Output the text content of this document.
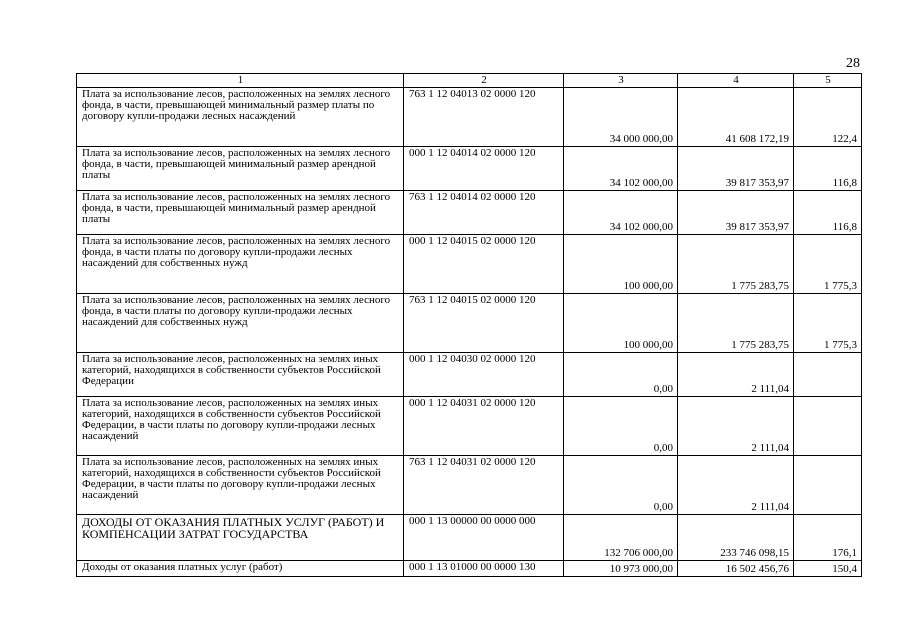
28
1	2	3	4	5
Плата за использование лесов, расположенных на землях лесного фонда, в части, превышающей минимальный размер платы по договору купли-продажи лесных насаждений	763 1 12 04013 02 0000 120	34 000 000,00	41 608 172,19	122,4
Плата за использование лесов, расположенных на землях лесного фонда, в части, превышающей минимальный размер арендной платы	000 1 12 04014 02 0000 120	34 102 000,00	39 817 353,97	116,8
Плата за использование лесов, расположенных на землях лесного фонда, в части, превышающей минимальный размер арендной платы	763 1 12 04014 02 0000 120	34 102 000,00	39 817 353,97	116,8
Плата за использование лесов, расположенных на землях лесного фонда, в части платы по договору купли-продажи лесных насаждений для собственных нужд	000 1 12 04015 02 0000 120	100 000,00	1 775 283,75	1 775,3
Плата за использование лесов, расположенных на землях лесного фонда, в части платы по договору купли-продажи лесных насаждений для собственных нужд	763 1 12 04015 02 0000 120	100 000,00	1 775 283,75	1 775,3
Плата за использование лесов, расположенных на землях иных категорий, находящихся в собственности субъектов Российской Федерации	000 1 12 04030 02 0000 120	0,00	2 111,04	
Плата за использование лесов, расположенных на землях иных категорий, находящихся в собственности субъектов Российской Федерации, в части платы по договору купли-продажи лесных насаждений	000 1 12 04031 02 0000 120	0,00	2 111,04	
Плата за использование лесов, расположенных на землях иных категорий, находящихся в собственности субъектов Российской Федерации, в части платы по договору купли-продажи лесных насаждений	763 1 12 04031 02 0000 120	0,00	2 111,04	
ДОХОДЫ ОТ ОКАЗАНИЯ ПЛАТНЫХ УСЛУГ (РАБОТ) И КОМПЕНСАЦИИ ЗАТРАТ ГОСУДАРСТВА	000 1 13 00000 00 0000 000	132 706 000,00	233 746 098,15	176,1
Доходы от оказания платных услуг (работ)	000 1 13 01000 00 0000 130	10 973 000,00	16 502 456,76	150,4
